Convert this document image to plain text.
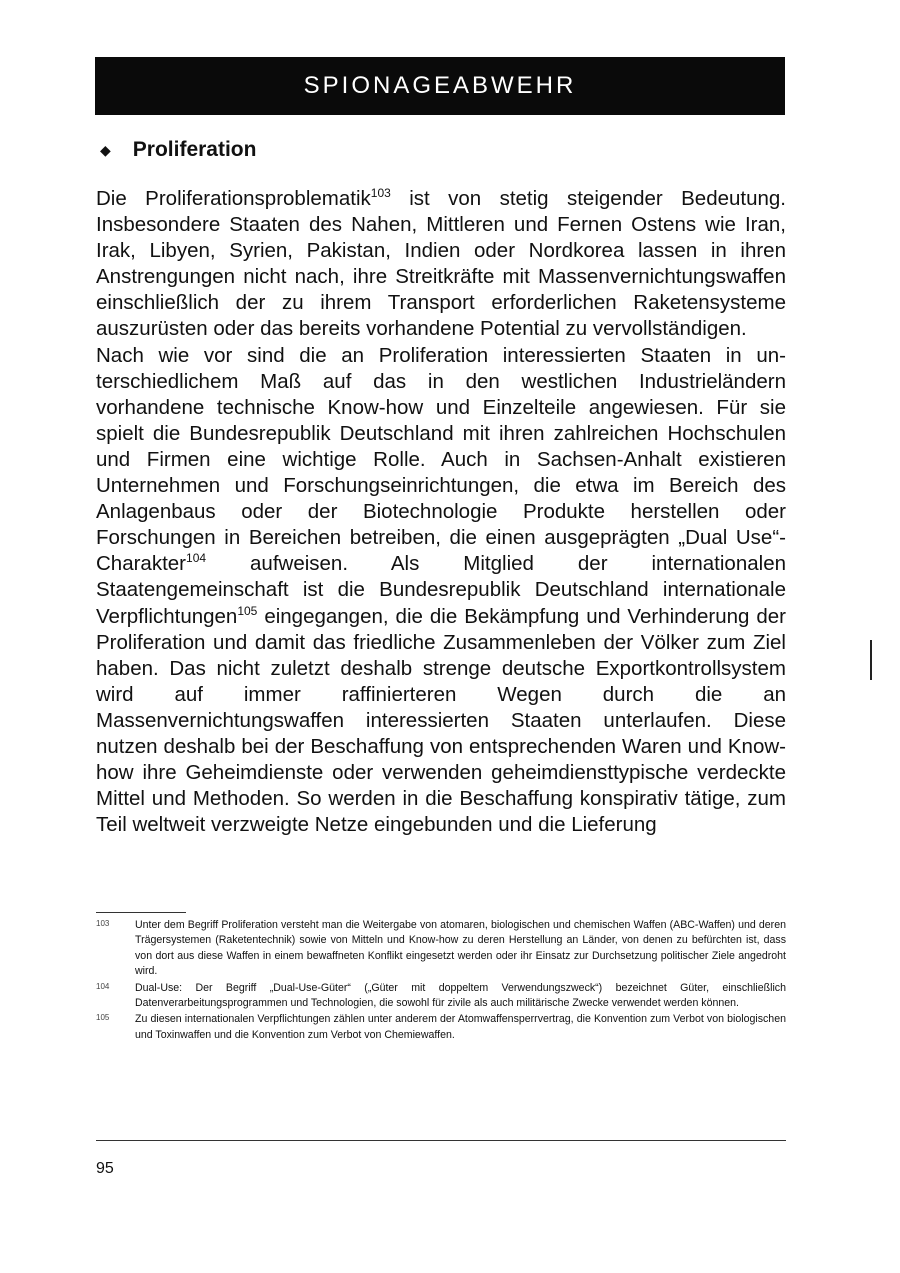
SPIONAGEABWEHR
◆ Proliferation

Die Proliferationsproblematik$^{103}$ ist von stetig steigender Bedeutung. Insbesondere Staaten des Nahen, Mittleren und Fernen Ostens wie Iran, Irak, Libyen, Syrien, Pakistan, Indien oder Nordkorea lassen in ihren Anstrengungen nicht nach, ihre Streitkräfte mit Massenvernichtungswaffen einschließlich der zu ihrem Transport erforderlichen Raketensysteme auszurüsten oder das bereits vorhandene Potential zu vervollständigen.

Nach wie vor sind die an Proliferation interessierten Staaten in unterschiedlichem Maß auf das in den westlichen Industrieländern vorhandene technische Know-how und Einzelteile angewiesen. Für sie spielt die Bundesrepublik Deutschland mit ihren zahlreichen Hochschulen und Firmen eine wichtige Rolle. Auch in Sachsen-Anhalt existieren Unternehmen und Forschungseinrichtungen, die etwa im Bereich des Anlagenbaus oder der Biotechnologie Produkte herstellen oder Forschungen in Bereichen betreiben, die einen ausgeprägten „Dual Use“-Charakter$^{104}$ aufweisen. Als Mitglied der internationalen Staatengemeinschaft ist die Bundesrepublik Deutschland internationale Verpflichtungen$^{105}$ eingegangen, die die Bekämpfung und Verhinderung der Proliferation und damit das friedliche Zusammenleben der Völker zum Ziel haben. Das nicht zuletzt deshalb strenge deutsche Exportkontrollsystem wird auf immer raffinierteren Wegen durch die an Massenvernichtungswaffen interessierten Staaten unterlaufen. Diese nutzen deshalb bei der Beschaffung von entsprechenden Waren und Know-how ihre Geheimdienste oder verwenden geheimdiensttypische verdeckte Mittel und Methoden. So werden in die Beschaffung konspirativ tätige, zum Teil weltweit verzweigte Netze eingebunden und die Lieferung

103	Unter dem Begriff Proliferation versteht man die Weitergabe von atomaren, biologischen und chemischen Waffen (ABC-Waffen) und deren Trägersystemen (Raketentechnik) sowie von Mitteln und Know-how zu deren Herstellung an Länder, von denen zu befürchten ist, dass von dort aus diese Waffen in einem bewaffneten Konflikt eingesetzt werden oder ihr Einsatz zur Durchsetzung politischer Ziele angedroht wird.
104	Dual-Use: Der Begriff „Dual-Use-Güter“ („Güter mit doppeltem Verwendungszweck“) bezeichnet Güter, einschließlich Datenverarbeitungsprogrammen und Technologien, die sowohl für zivile als auch militärische Zwecke verwendet werden können.
105	Zu diesen internationalen Verpflichtungen zählen unter anderem der Atomwaffensperrvertrag, die Konvention zum Verbot von biologischen und Toxinwaffen und die Konvention zum Verbot von Chemiewaffen.
95
